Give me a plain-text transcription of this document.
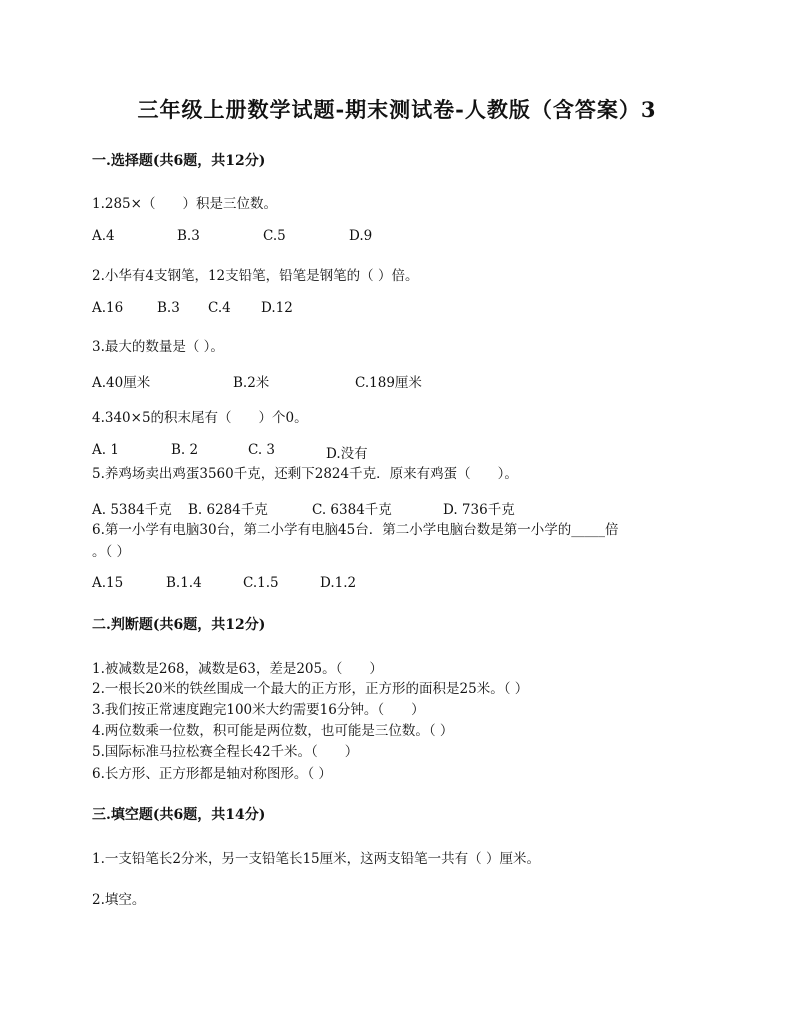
三年级上册数学试题-期末测试卷-人教版（含答案）3
一.选择题(共6题，共12分)
1.285×（　　）积是三位数。
A.4	B.3	C.5	D.9
2.小华有4支钢笔，12支铅笔，铅笔是钢笔的（ ）倍。
A.16	B.3 C.4 D.12
3.最大的数量是（ ）。
A.40厘米	B.2米	C.189厘米
4.340×5的积末尾有（　　）个0。
A. 1	B. 2	C. 3	D.没有
5.养鸡场卖出鸡蛋3560千克，还剩下2824千克．原来有鸡蛋（　　）。
A. 5384千克 B. 6284千克	C. 6384千克	D. 736千克
6.第一小学有电脑30台，第二小学有电脑45台．第二小学电脑台数是第一小学的_____倍
。（ ）
A.15	B.1.4	C.1.5	D.1.2
二.判断题(共6题，共12分)
1.被减数是268，减数是63，差是205。（　　）
2.一根长20米的铁丝围成一个最大的正方形，正方形的面积是25米。（ ）
3.我们按正常速度跑完100米大约需要16分钟。（　　）
4.两位数乘一位数，积可能是两位数，也可能是三位数。（ ）
5.国际标准马拉松赛全程长42千米。（　　）
6.长方形、正方形都是轴对称图形。（ ）
三.填空题(共6题，共14分)
1.一支铅笔长2分米，另一支铅笔长15厘米，这两支铅笔一共有（ ）厘米。
2.填空。
